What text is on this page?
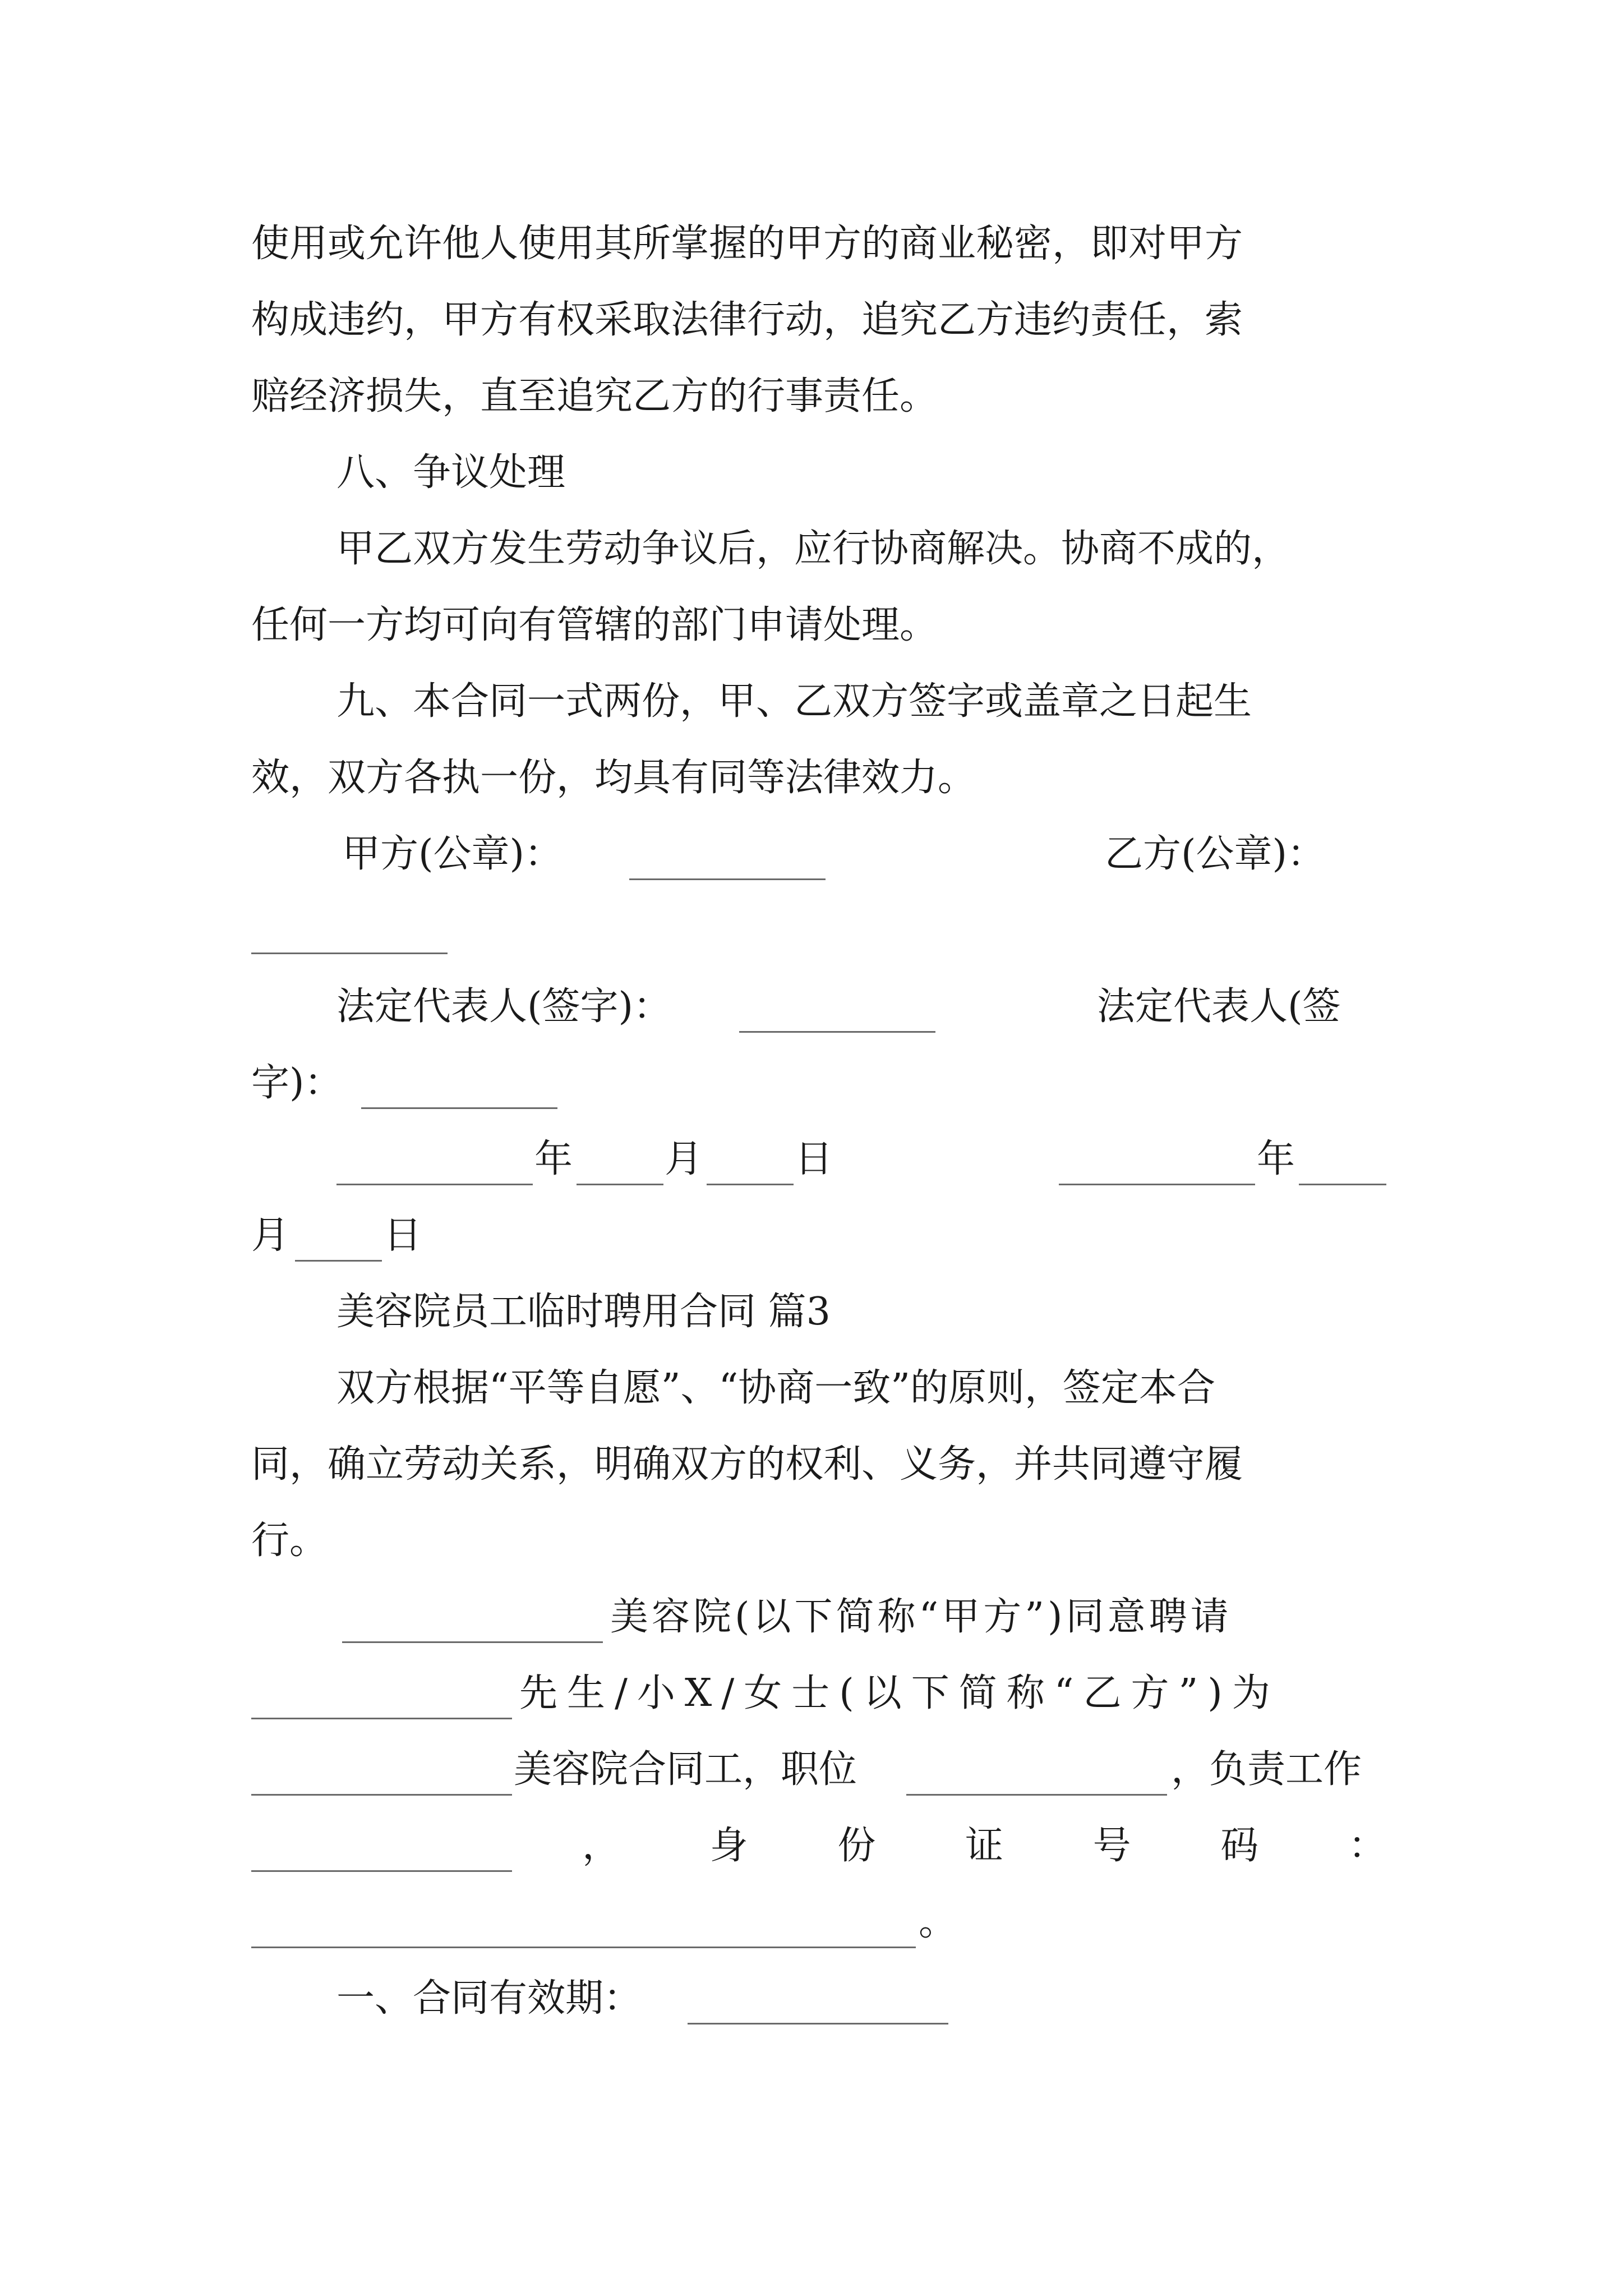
使用或允许他人使用其所掌握的甲方的商业秘密，即对甲方
构成违约，甲方有权采取法律行动，追究乙方违约责任，索
赔经济损失，直至追究乙方的行事责任。
八、争议处理
甲乙双方发生劳动争议后，应行协商解决。协商不成的，
任何一方均可向有管辖的部门申请处理。
九、本合同一式两份，甲、乙双方签字或盖章之日起生
效，双方各执一份，均具有同等法律效力。
甲方(公章)：	乙方(公章)：
法定代表人(签字)：	法定代表人(签
字)：
年 月 日	年
月 日
美容院员工临时聘用合同 篇3
双方根据“平等自愿”、“协商一致”的原则，签定本合
同，确立劳动关系，明确双方的权利、义务，并共同遵守履
行。
美容院(以下简称“甲方”)同意聘请
先生/小X/女士(以下简称“乙方”)为
美容院合同工，职位	，负责工作
， 身 份 证 号 码 ：
。
一、合同有效期：
